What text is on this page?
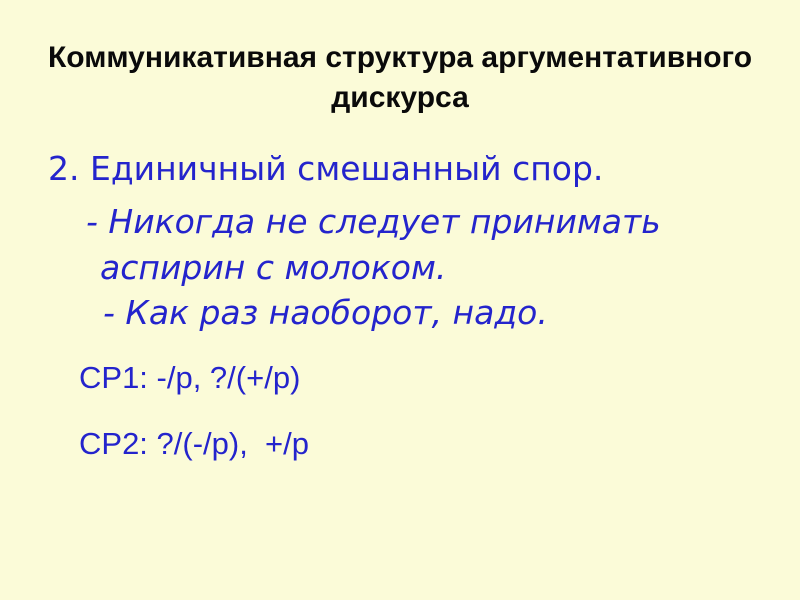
Коммуникативная структура аргументативного
дискурса
2. Единичный смешанный спор.
- Никогда не следует принимать
аспирин с молоком.
- Как раз наоборот, надо.
СР1: -/p, ?/(+/p)
СР2: ?/(-/p),  +/p
